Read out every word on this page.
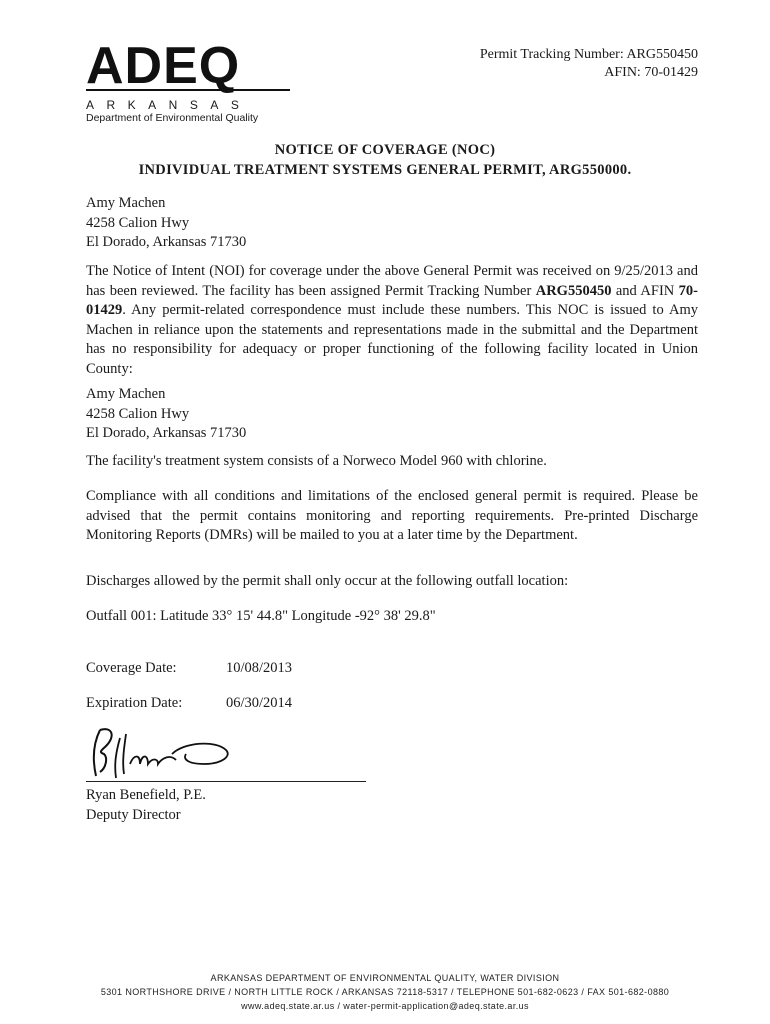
ADEQ
ARKANSAS
Department of Environmental Quality
Permit Tracking Number: ARG550450
AFIN: 70-01429
NOTICE OF COVERAGE (NOC)
INDIVIDUAL TREATMENT SYSTEMS GENERAL PERMIT, ARG550000.
Amy Machen
4258 Calion Hwy
El Dorado, Arkansas 71730

The Notice of Intent (NOI) for coverage under the above General Permit was received on 9/25/2013 and has been reviewed. The facility has been assigned Permit Tracking Number ARG550450 and AFIN 70-01429. Any permit-related correspondence must include these numbers. This NOC is issued to Amy Machen in reliance upon the statements and representations made in the submittal and the Department has no responsibility for adequacy or proper functioning of the following facility located in Union County:

Amy Machen
4258 Calion Hwy
El Dorado, Arkansas 71730
The facility's treatment system consists of a Norweco Model 960 with chlorine.
Compliance with all conditions and limitations of the enclosed general permit is required. Please be advised that the permit contains monitoring and reporting requirements. Pre-printed Discharge Monitoring Reports (DMRs) will be mailed to you at a later time by the Department.
Discharges allowed by the permit shall only occur at the following outfall location:
Outfall 001: Latitude 33° 15' 44.8" Longitude -92° 38' 29.8"
Coverage Date:	10/08/2013
Expiration Date:	06/30/2014
Ryan Benefield, P.E.
Deputy Director
ARKANSAS DEPARTMENT OF ENVIRONMENTAL QUALITY, WATER DIVISION
5301 NORTHSHORE DRIVE / NORTH LITTLE ROCK / ARKANSAS 72118-5317 / TELEPHONE 501-682-0623 / FAX 501-682-0880
www.adeq.state.ar.us / water-permit-application@adeq.state.ar.us
